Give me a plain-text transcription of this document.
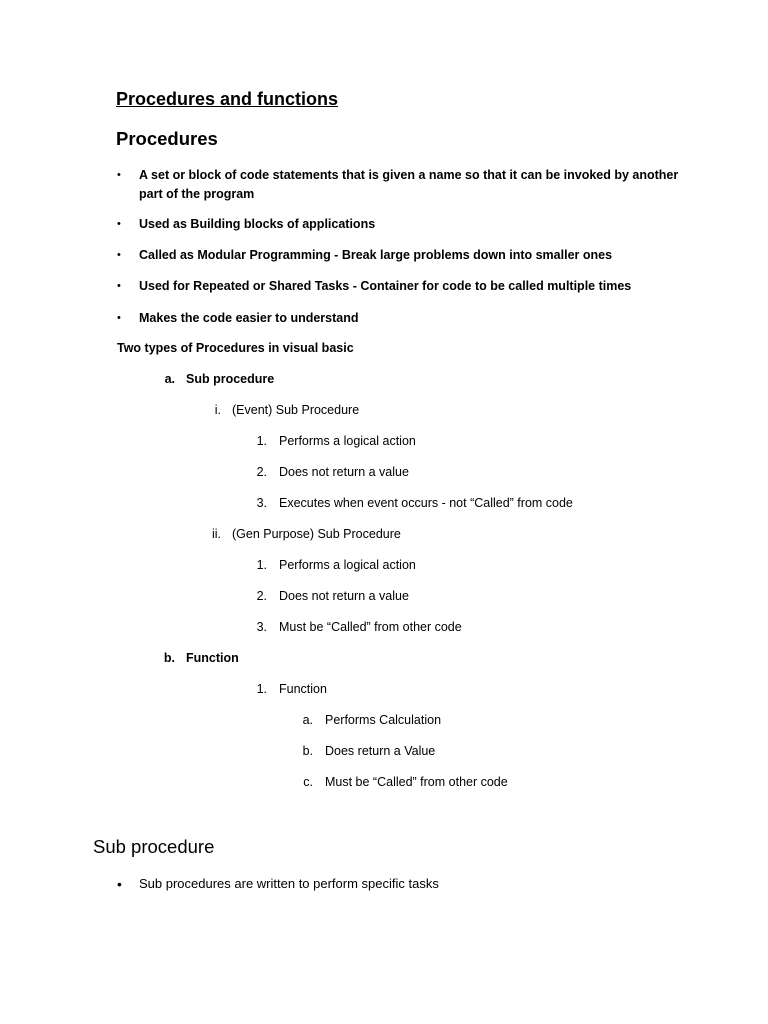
Procedures and functions
Procedures
• A set or block of code statements that is given a name so that it can be invoked by another
part of the program
• Used as Building blocks of applications
• Called as Modular Programming - Break large problems down into smaller ones
• Used for Repeated or Shared Tasks - Container for code to be called multiple times
• Makes the code easier to understand
Two types of Procedures in visual basic
a. Sub procedure
i. (Event) Sub Procedure
1. Performs a logical action
2. Does not return a value
3. Executes when event occurs - not “Called” from code
ii. (Gen Purpose) Sub Procedure
1. Performs a logical action
2. Does not return a value
3. Must be “Called” from other code
b. Function
1. Function
a. Performs Calculation
b. Does return a Value
c. Must be “Called” from other code
Sub procedure
• Sub procedures are written to perform specific tasks
